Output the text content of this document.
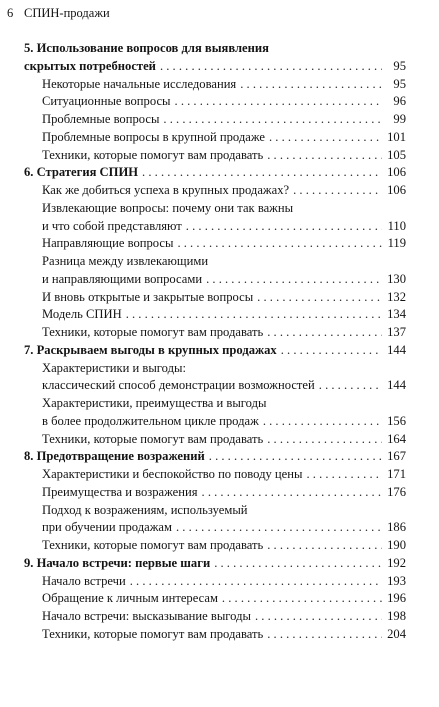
6 СПИН-продажи
5. Использование вопросов для выявления
скрытых потребностей . . .	95
Некоторые начальные исследования . . .	95
Ситуационные вопросы . . .	96
Проблемные вопросы . . .	99
Проблемные вопросы в крупной продаже . . .	101
Техники, которые помогут вам продавать . . .	105
6. Стратегия СПИН . . .	106
Как же добиться успеха в крупных продажах? . . .	106
Извлекающие вопросы: почему они так важны
и что собой представляют . . .	110
Направляющие вопросы . . .	119
Разница между извлекающими
и направляющими вопросами . . .	130
И вновь открытые и закрытые вопросы . . .	132
Модель СПИН . . .	134
Техники, которые помогут вам продавать . . .	137
7. Раскрываем выгоды в крупных продажах . . .	144
Характеристики и выгоды:
классический способ демонстрации возможностей . . .	144
Характеристики, преимущества и выгоды
в более продолжительном цикле продаж . . .	156
Техники, которые помогут вам продавать . . .	164
8. Предотвращение возражений . . .	167
Характеристики и беспокойство по поводу цены . . .	171
Преимущества и возражения . . .	176
Подход к возражениям, используемый
при обучении продажам . . .	186
Техники, которые помогут вам продавать . . .	190
9. Начало встречи: первые шаги . . .	192
Начало встречи . . .	193
Обращение к личным интересам . . .	196
Начало встречи: высказывание выгоды . . .	198
Техники, которые помогут вам продавать . . .	204
